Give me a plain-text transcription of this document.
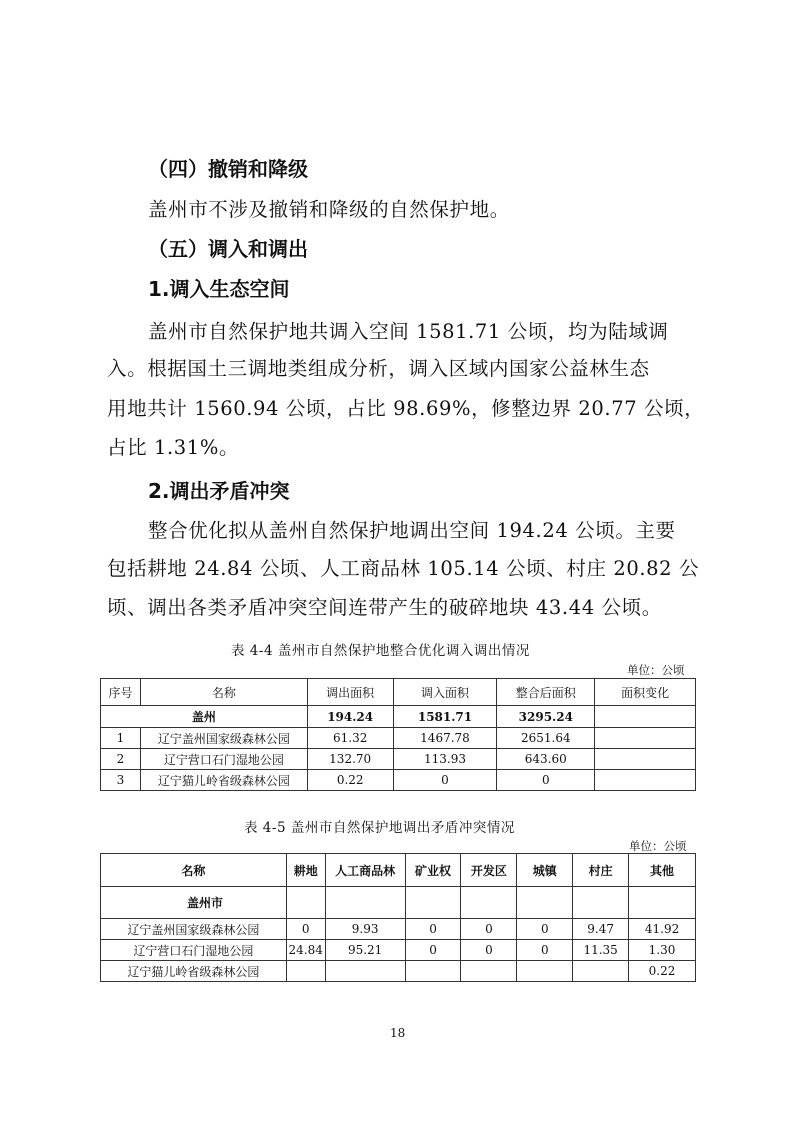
（四）撤销和降级
盖州市不涉及撤销和降级的自然保护地。
（五）调入和调出
1.调入生态空间
盖州市自然保护地共调入空间 1581.71 公顷，均为陆域调
入。根据国土三调地类组成分析，调入区域内国家公益林生态
用地共计 1560.94 公顷，占比 98.69%，修整边界 20.77 公顷，
占比 1.31%。
2.调出矛盾冲突
整合优化拟从盖州自然保护地调出空间 194.24 公顷。主要
包括耕地 24.84 公顷、人工商品林 105.14 公顷、村庄 20.82 公
顷、调出各类矛盾冲突空间连带产生的破碎地块 43.44 公顷。
表 4-4 盖州市自然保护地整合优化调入调出情况
单位：公顷
序号	名称	调出面积	调入面积	整合后面积	面积变化
盖州		194.24	1581.71	3295.24	
1	辽宁盖州国家级森林公园	61.32	1467.78	2651.64	
2	辽宁营口石门湿地公园	132.70	113.93	643.60	
3	辽宁猫儿岭省级森林公园	0.22	0	0	
表 4-5 盖州市自然保护地调出矛盾冲突情况
单位：公顷
名称	耕地	人工商品林	矿业权	开发区	城镇	村庄	其他
盖州市							
辽宁盖州国家级森林公园	0	9.93	0	0	0	9.47	41.92
辽宁营口石门湿地公园	24.84	95.21	0	0	0	11.35	1.30
辽宁猫儿岭省级森林公园							0.22
18
